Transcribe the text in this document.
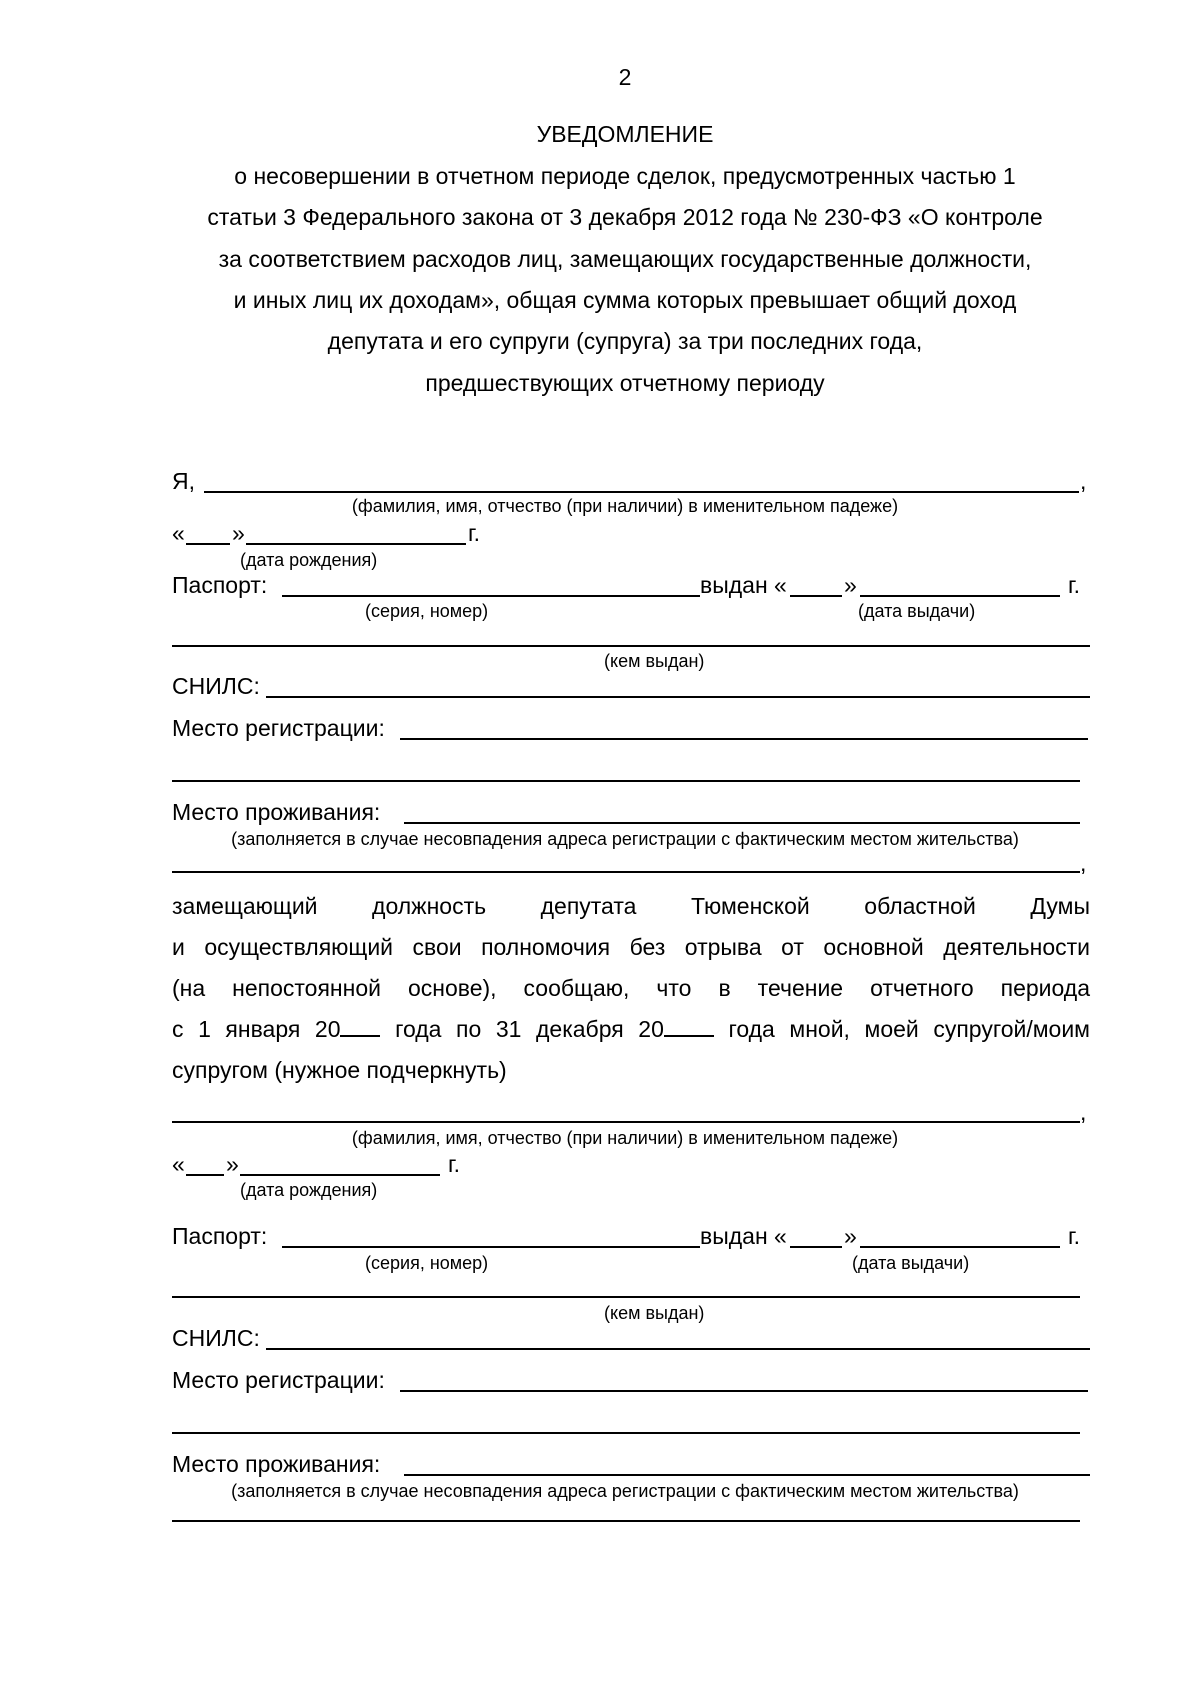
2
УВЕДОМЛЕНИЕ
о несовершении в отчетном периоде сделок, предусмотренных частью 1
статьи 3 Федерального закона от 3 декабря 2012 года № 230-ФЗ «О контроле
за соответствием расходов лиц, замещающих государственные должности,
и иных лиц их доходам», общая сумма которых превышает общий доход
депутата и его супруги (супруга) за три последних года,
предшествующих отчетному периоду
Я,	,
(фамилия, имя, отчество (при наличии) в именительном падеже)
« »	г.
(дата рождения)
Паспорт:	выдан « »	г.
(серия, номер)	(дата выдачи)
(кем выдан)
СНИЛС:
Место регистрации:
Место проживания:
(заполняется в случае несовпадения адреса регистрации с фактическим местом жительства)
,
замещающий должность депутата Тюменской областной Думы
и осуществляющий свои полномочия без отрыва от основной деятельности
(на непостоянной основе), сообщаю, что в течение отчетного периода
с 1 января 20 года по 31 декабря 20	года мной, моей супругой/моим
супругом (нужное подчеркнуть)
,
(фамилия, имя, отчество (при наличии) в именительном падеже)
« »	г.
(дата рождения)
Паспорт:	выдан « »	г.
(серия, номер)	(дата выдачи)
(кем выдан)
СНИЛС:
Место регистрации:
Место проживания:
(заполняется в случае несовпадения адреса регистрации с фактическим местом жительства)
